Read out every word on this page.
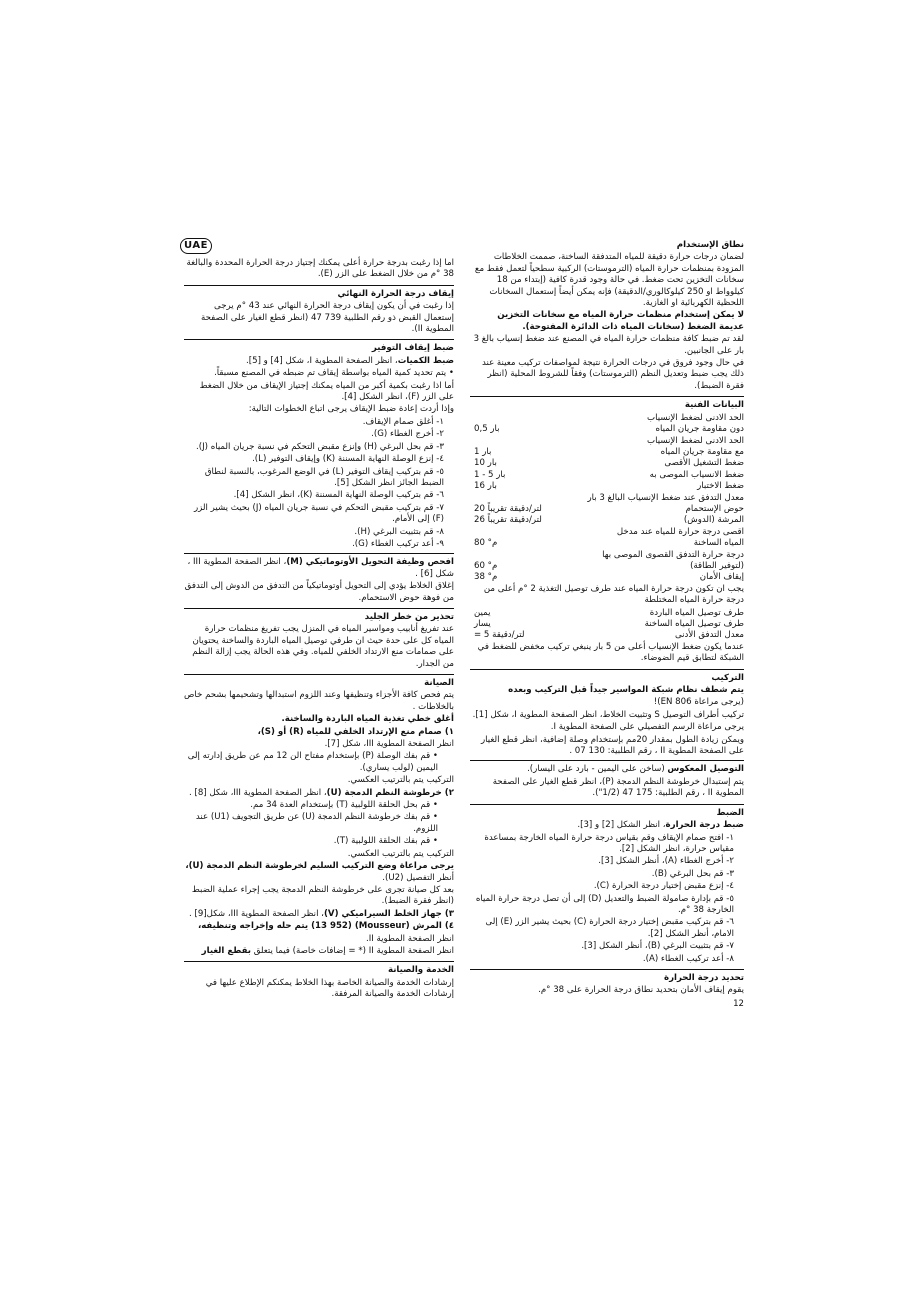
UAE	نطاق الإستخدام
لضمان درجات حرارة دقيقة للمياه المتدفقة الساخنة، صممت الخلاطات المزودة بمنظمات حرارة المياه (الترموستات) الركبية سطحياً لتعمل فقط مع سخانات التخزين تحت ضغط. في حالة وجود قدرة كافية (إبتداء من 18 كيلوواط او 250 كيلوكالوري/الدقيقة) فإنه يمكن أيضاً إستعمال السخانات اللحظية الكهربائية او الغازية.
لا يمكن إستخدام منظمات حرارة المياه مع سخانات التخزين عديمة الضغط (سخانات المياه ذات الدائرة المفتوحة).
لقد تم ضبط كافة منظمات حرارة المياه في المصنع عند ضغط إنسياب بالغ 3 بار على الجانبين.
في حال وجود فروق في درجات الحرارة نتيجة لمواصفات تركيب معينة عند ذلك يجب ضبط وتعديل النظم (الترموستات) وفقاً للشروط المحلية (انظر فقرة الضبط).
البيانات الفنية
الحد الادنى لضغط الإنسياب
دون مقاومة جريان المياه
0,5 بار
الحد الادنى لضغط الإنسياب
مع مقاومة جريان المياه
1 بار
ضغط التشغيل الأقصى
10 بار
ضغط الانسياب الموصى به
1 - 5 بار
ضغط الاختبار
16 بار
معدل التدفق عند ضغط الإنسياب البالغ 3 بار
حوض الإستحمام
20 لتر/دقيقة تقريباً
المرشة (الدوش)
26 لتر/دقيقة تقريباً
اقصى درجة حرارة للمياه عند مدخل
المياه الساخنة
80 °م
درجة حرارة التدفق القصوى الموصى بها
(لتوفير الطاقة)
60 °م
إيقاف الأمان
38 °م
يجب ان تكون درجة حرارة المياه عند طرف توصيل التغذية 2 °م أعلى من درجة حرارة المياه المختلطة
طرف توصيل المياه الباردة
يمين
طرف توصيل المياه الساخنة
يسار
معدل التدفق الأدنى
= 5 لتر/دقيقة
عندما يكون ضغط الإنسياب أعلى من 5 بار ينبغي تركيب مخفض للضغط في الشبكة لتطابق قيم الضوضاء.
التركيب
يتم شطف نظام شبكة المواسير جيداً قبل التركيب وبعده
(يرجى مراعاة EN 806)!
تركيب أطراف التوصيل S وتثبيت الخلاط، انظر الصفحة المطوية I، شكل [1].
يرجى مراعاة الرسم التفصيلي على الصفحة المطوية I.
ويمكن زيادة الطول بمقدار 20مم بإستخدام وصلة إضافية، انظر قطع الغيار على الصفحة المطوية II ، رقم الطلبية: 130 07 .
التوصيل المعكوس (ساخن على اليمين - بارد على اليسار).
يتم إستبدال خرطوشة النظم الدمجة (P)، انظر قطع الغيار على الصفحة المطوية II ، رقم الطلبية: 175 47 (1/2").
الضبط
ضبط درجة الحرارة، انظر الشكل [2] و [3].
١- افتح صمام الإيقاف وقم بقياس درجة حرارة المياه الخارجة بمساعدة مقياس حرارة، انظر الشكل [2].
٢- أخرج الغطاء (A)، أنظر الشكل [3].
٣- قم بحل البرغي (B).
٤- إنزع مقبض إختيار درجة الحرارة (C).
٥- قم بإدارة صامولة الضبط والتعديل (D) إلى أن تصل درجة حرارة المياه الخارجة 38 °م.
٦- قم بتركيب مقبض إختيار درجة الحرارة (C) بحيث يشير الزر (E) إلى الامام، أنظر الشكل [2].
٧- قم بتثبيت البرغي (B)، أنظر الشكل [3].
٨- أعد تركيب الغطاء (A).
تحديد درجة الحرارة
يقوم إيقاف الأمان بتحديد نطاق درجة الحرارة على 38 °م.
12
اما إذا رغبت بدرجة حرارة أعلى يمكنك إجتياز درجة الحرارة المحددة والبالغة 38 °م من خلال الضغط على الزر (E).
إيقاف درجة الحرارة النهائي
إذا رغبت في أن يكون إيقاف درجة الحرارة النهائي عند 43 °م يرجى إستعمال القبض ذو رقم الطلبية 739 47 (انظر قطع الغيار على الصفحة المطوية II).
ضبط إيقاف التوفير
ضبط الكميات، انظر الصفحة المطوية I، شكل [4] و [5].
• يتم تحديد كمية المياه بواسطة إيقاف تم ضبطه في المصنع مسبقاً.
أما اذا رغبت بكمية أكبر من المياه يمكنك إجتياز الإيقاف من خلال الضغط على الزر (F)، انظر الشكل [4].
وإذا أردت إعادة ضبط الإيقاف يرجى اتباع الخطوات التالية:
١- أغلق صمام الإيقاف.
٢- أخرج الغطاء (G).
٣- قم بحل البرغي (H) وإنزع مقبض التحكم في نسبة جريان المياه (J).
٤- إنزع الوصلة النهاية المسننة (K) وإيقاف التوفير (L).
٥- قم بتركيب إيقاف التوفير (L) في الوضع المرغوب، بالنسبة لنطاق الضبط الجائز انظر الشكل [5].
٦- قم بتركيب الوصلة النهاية المسننة (K)، انظر الشكل [4].
٧- قم بتركيب مقبض التحكم في نسبة جريان المياه (J) بحيث يشير الزر (F) إلى الأمام.
٨- قم بتثبيت البرغي (H).
٩- أعد تركيب الغطاء (G).
افحص وظيفة التحويل الأوتوماتيكي (M)، انظر الصفحة المطوية III ، شكل [6] .
إغلاق الخلاط يؤدي إلى التحويل أوتوماتيكياً من التدفق من الدوش إلى التدفق من فوهة حوض الاستحمام.
تحذير من خطر الجليد
عند تفريغ أنابيب ومواسير المياه في المنزل يجب تفريغ منظمات حرارة المياه كل على حدة حيث ان طرفي توصيل المياه الباردة والساخنة يحتويان على صمامات منع الارتداد الخلفي للمياه. وفي هذه الحالة يجب إزالة النظم من الجدار.
الصيانة
يتم فحص كافة الأجزاء وتنظيفها وعند اللزوم استبدالها وتشحيمها بشحم خاص بالخلاطات .
أغلق خطي تغذية المياه الباردة والساخنة.
١) صمام منع الإرتداد الخلفي للمياه (R) أو (S)،
انظر الصفحة المطوية III، شكل [7].
• قم بفك الوصلة (P) بإستخدام مفتاح الن 12 مم عن طريق إدارته إلى اليمين (لولب يساري).
التركيب يتم بالترتيب العكسي.
٢) خرطوشة النظم الدمجة (U)، انظر الصفحة المطوية III، شكل [8] .
• قم بحل الحلقة اللولبية (T) بإستخدام العدة 34 مم.
• قم بفك خرطوشة النظم الدمجة (U) عن طريق التجويف (U1) عند اللزوم.
• قم بفك الحلقة اللولبية (T).
التركيب يتم بالترتيب العكسي.
يرجى مراعاة وضع التركيب السليم لخرطوشة النظم الدمجة (U)، أنظر التفصيل (U2).
بعد كل صيانة تجرى على خرطوشة النظم الدمجة يجب إجراء عملية الضبط (انظر فقرة الضبط).
٣) جهاز الخلط السيراميكي (V)، انظر الصفحة المطوية III، شكل[9] .
٤) المرش (Mousseur) (13 952) يتم حله وإخراجه وتنظيفه،
انظر الصفحة المطوية II.
انظر الصفحة المطوية II (* = إضافات خاصة) فيما يتعلق بقطع الغيار
الخدمة والصيانة
إرشادات الخدمة والصيانة الخاصة بهذا الخلاط يمكنكم الإطلاع عليها في إرشادات الخدمة والصيانة المرفقة.
